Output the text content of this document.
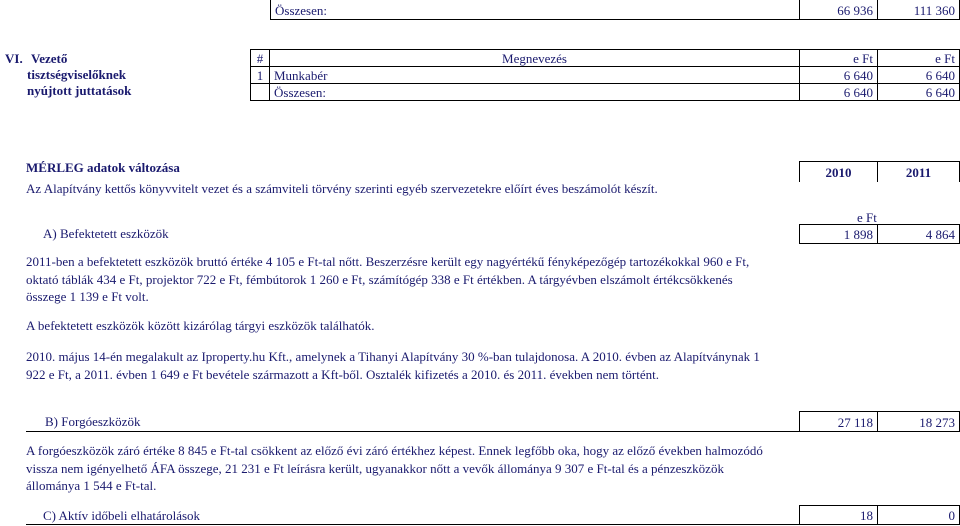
Összesen:	66 936	111 360
VI. Vezető
tisztségviselőknek
nyújtott juttatások
#	Megnevezés	e Ft	e Ft
1 Munkabér	6 640	6 640
Összesen:	6 640	6 640
MÉRLEG adatok változása	2010	2011
Az Alapítvány kettős könyvvitelt vezet és a számviteli törvény szerinti egyéb szervezetekre előírt éves beszámolót készít.
e Ft
A) Befektetett eszközök	1 898	4 864
2011-ben a befektetett eszközök bruttó értéke 4 105 e Ft-tal nőtt. Beszerzésre került egy nagyértékű fényképezőgép tartozékokkal 960 e Ft,
oktató táblák 434 e Ft, projektor 722 e Ft, fémbútorok 1 260 e Ft, számítógép 338 e Ft értékben. A tárgyévben elszámolt értékcsökkenés
összege 1 139 e Ft volt.
A befektetett eszközök között kizárólag tárgyi eszközök találhatók.
2010. május 14-én megalakult az Iproperty.hu Kft., amelynek a Tihanyi Alapítvány 30 %-ban tulajdonosa. A 2010. évben az Alapítványnak 1
922 e Ft, a 2011. évben 1 649 e Ft bevétele származott a Kft-ből. Osztalék kifizetés a 2010. és 2011. években nem történt.
B) Forgóeszközök	27 118	18 273
A forgóeszközök záró értéke 8 845 e Ft-tal csökkent az előző évi záró értékhez képest. Ennek legfőbb oka, hogy az előző években halmozódó
vissza nem igényelhető ÁFA összege, 21 231 e Ft leírásra került, ugyanakkor nőtt a vevők állománya 9 307 e Ft-tal és a pénzeszközök
állománya 1 544 e Ft-tal.
C) Aktív időbeli elhatárolások	18	0
